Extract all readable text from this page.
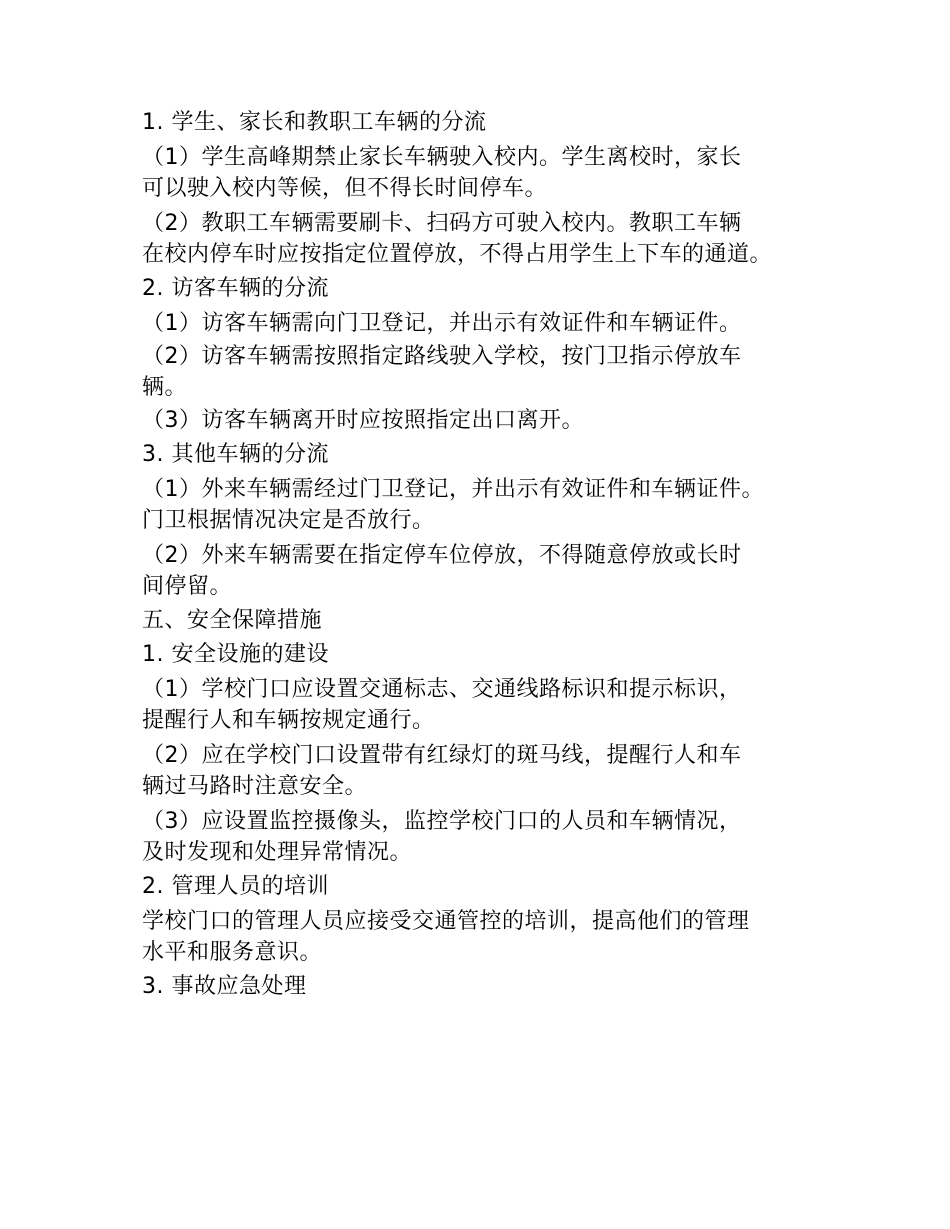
1. 学生、家长和教职工车辆的分流
（1）学生高峰期禁止家长车辆驶入校内。学生离校时，家长
可以驶入校内等候，但不得长时间停车。
（2）教职工车辆需要刷卡、扫码方可驶入校内。教职工车辆
在校内停车时应按指定位置停放，不得占用学生上下车的通道。
2. 访客车辆的分流
（1）访客车辆需向门卫登记，并出示有效证件和车辆证件。
（2）访客车辆需按照指定路线驶入学校，按门卫指示停放车
辆。
（3）访客车辆离开时应按照指定出口离开。
3. 其他车辆的分流
（1）外来车辆需经过门卫登记，并出示有效证件和车辆证件。
门卫根据情况决定是否放行。
（2）外来车辆需要在指定停车位停放，不得随意停放或长时
间停留。
五、安全保障措施
1. 安全设施的建设
（1）学校门口应设置交通标志、交通线路标识和提示标识，
提醒行人和车辆按规定通行。
（2）应在学校门口设置带有红绿灯的斑马线，提醒行人和车
辆过马路时注意安全。
（3）应设置监控摄像头，监控学校门口的人员和车辆情况，
及时发现和处理异常情况。
2. 管理人员的培训
学校门口的管理人员应接受交通管控的培训，提高他们的管理
水平和服务意识。
3. 事故应急处理
